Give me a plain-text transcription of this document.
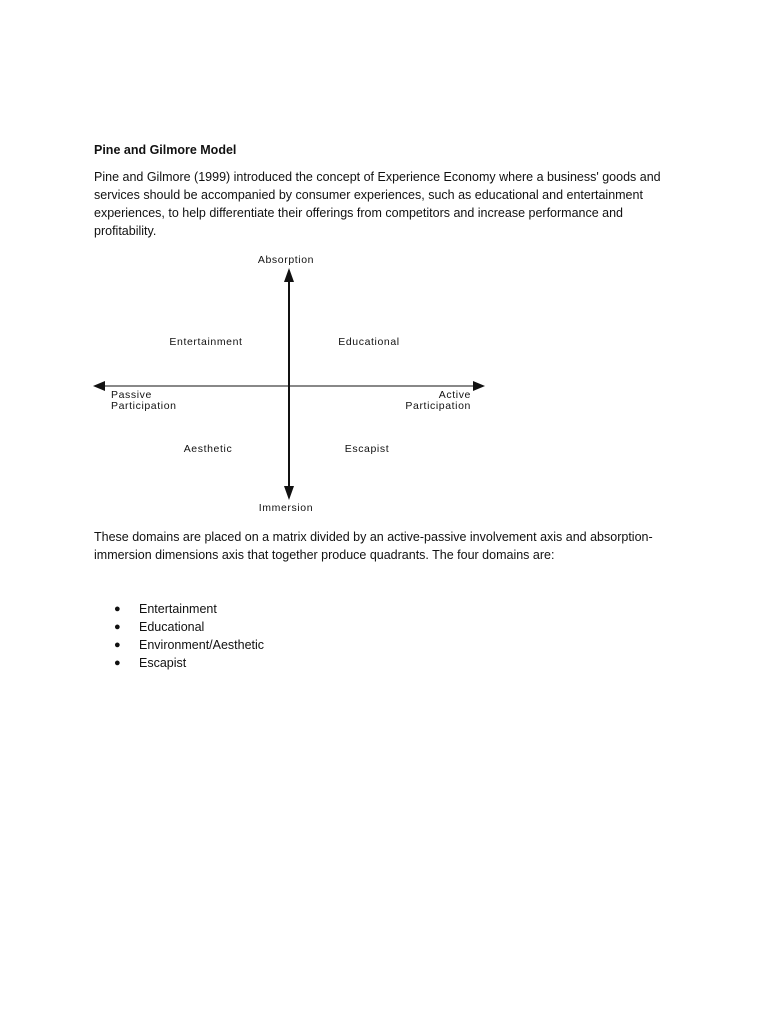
Pine and Gilmore Model

Pine and Gilmore (1999) introduced the concept of Experience Economy where a business' goods and services should be accompanied by consumer experiences, such as educational and entertainment experiences, to help differentiate their offerings from competitors and increase performance and profitability.

Absorption
Immersion
Passive
Participation
Active
Participation
Entertainment	Educational
Aesthetic	Escapist

These domains are placed on a matrix divided by an active-passive involvement axis and absorption-immersion dimensions axis that together produce quadrants. The four domains are:

● Entertainment
● Educational
● Environment/Aesthetic
● Escapist
